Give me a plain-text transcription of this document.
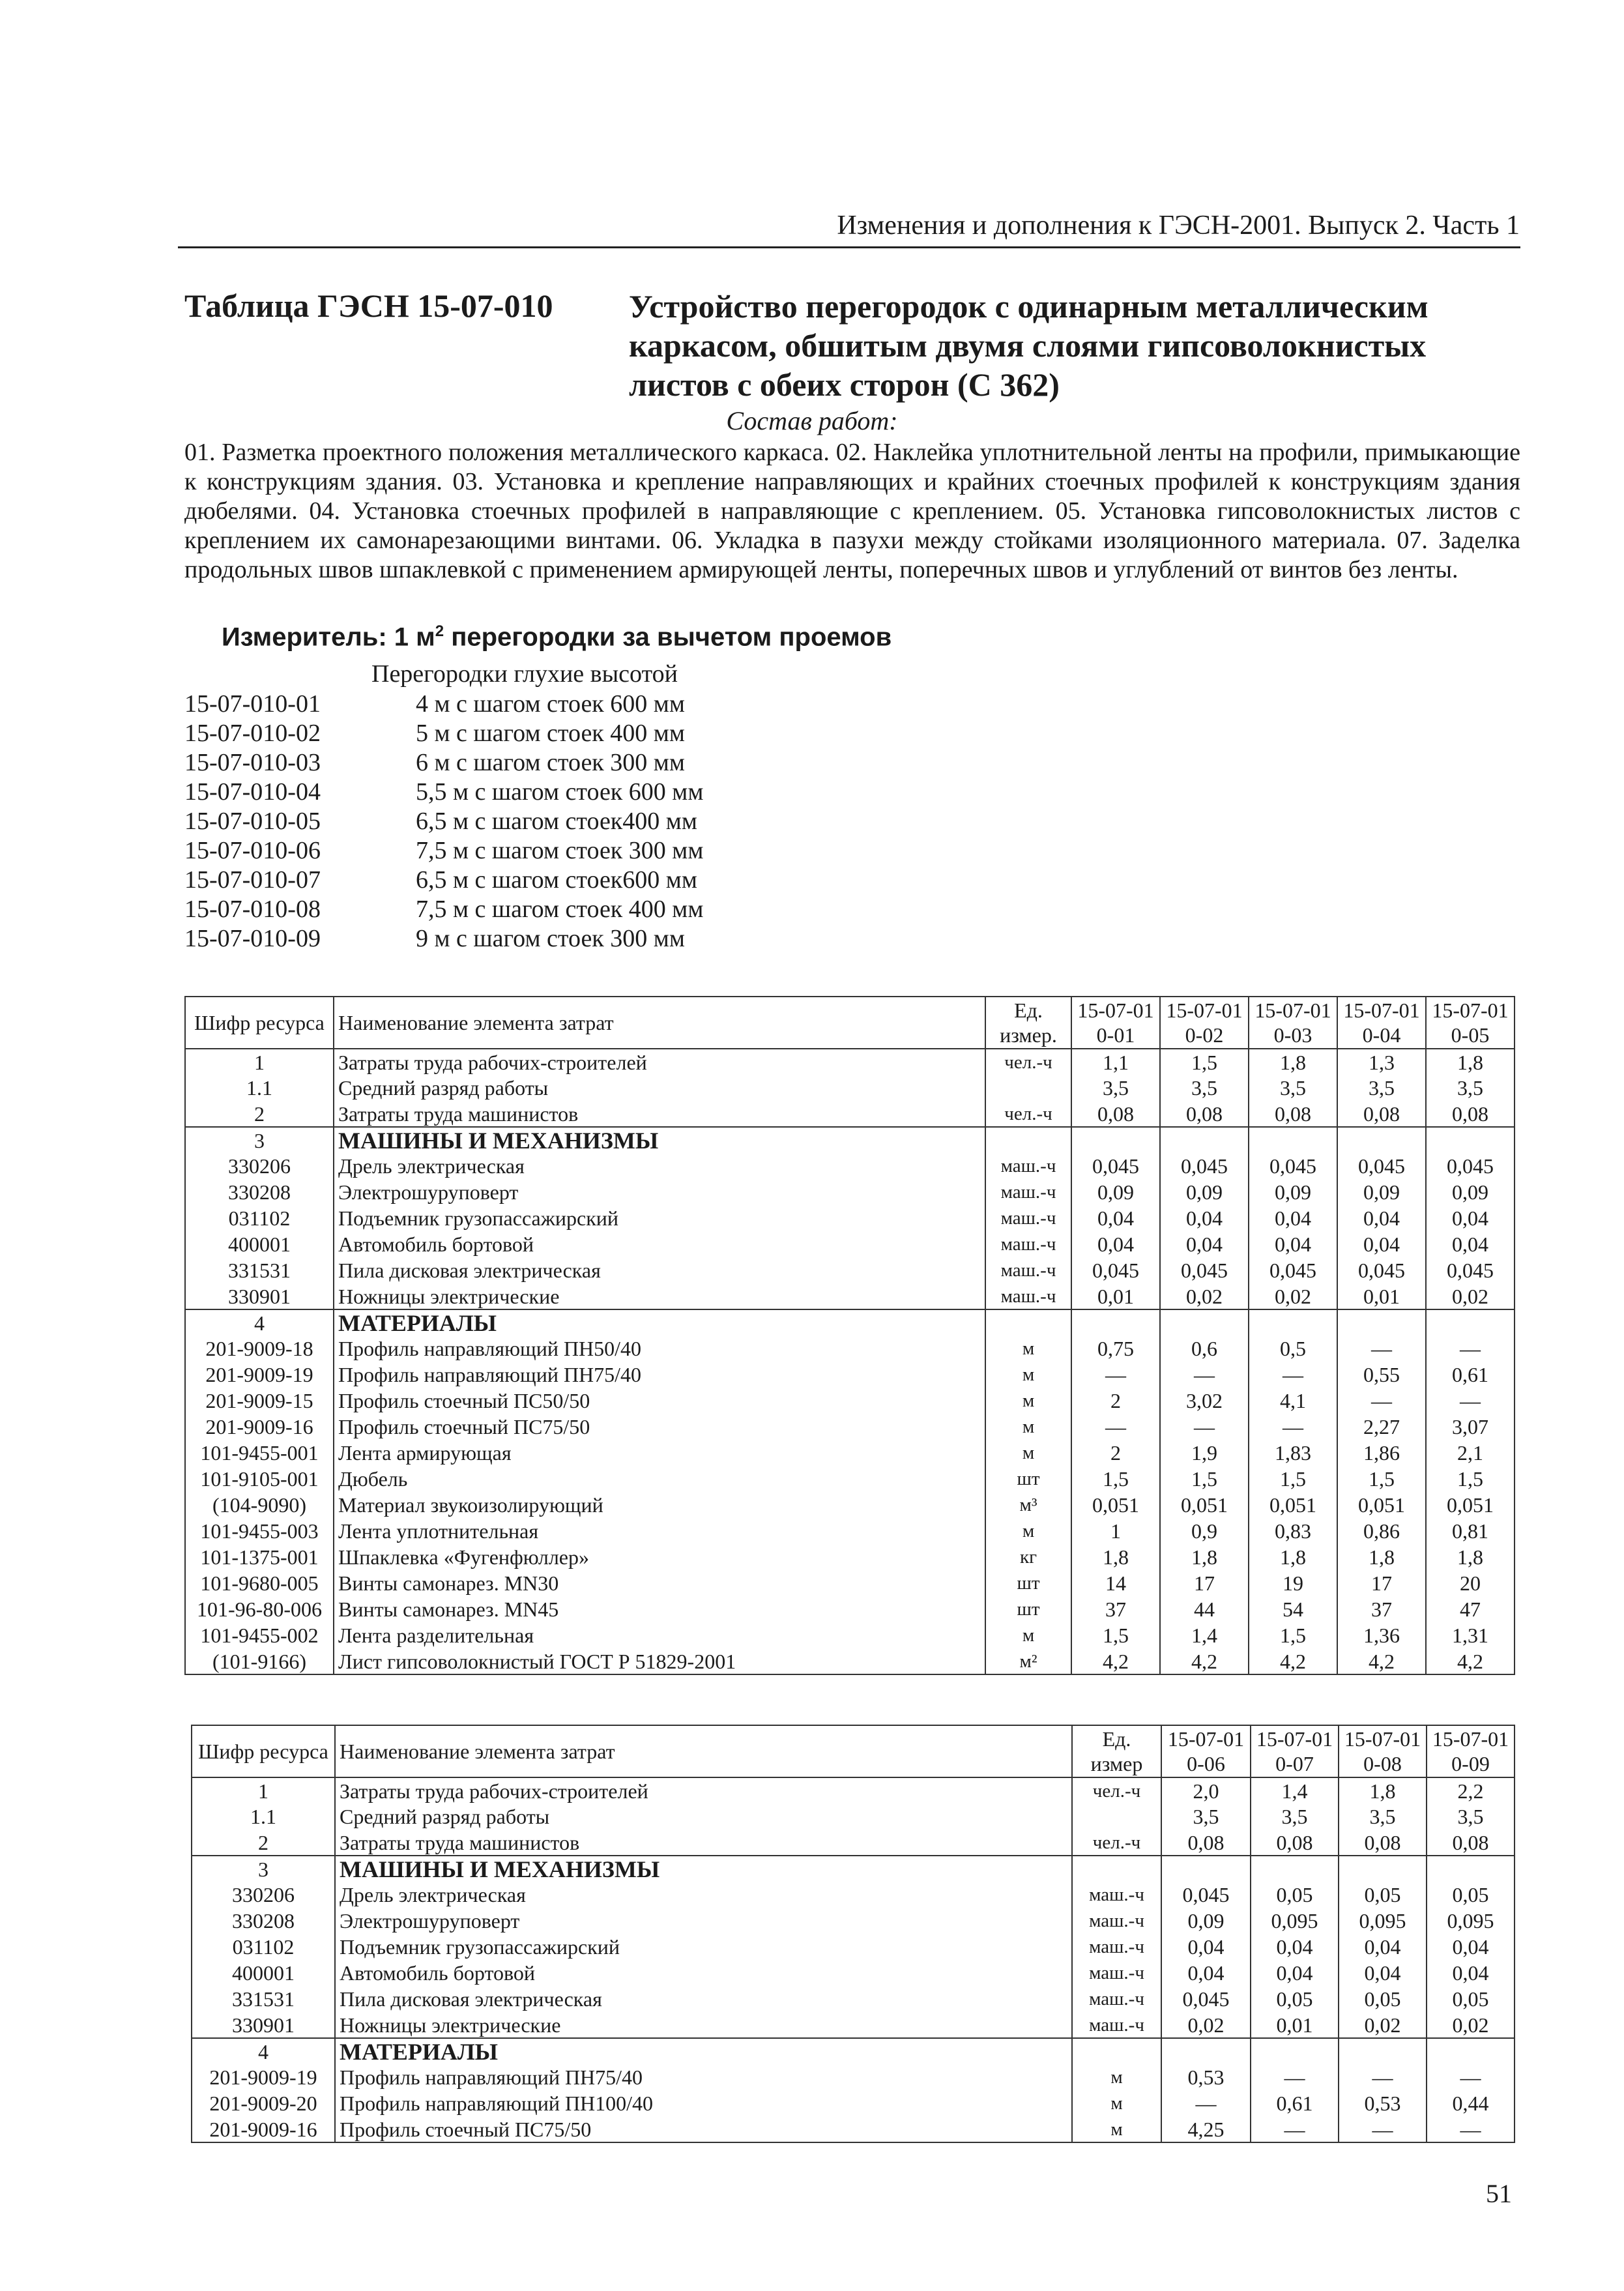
Изменения и дополнения к ГЭСН-2001. Выпуск 2. Часть 1
Таблица ГЭСН 15-07-010 Устройство перегородок с одинарным металлическим каркасом, обшитым двумя слоями гипсоволокнистых листов с обеих сторон (С 362)
Состав работ:
01. Разметка проектного положения металлического каркаса. 02. Наклейка уплотнительной ленты на профили, примыкающие к конструкциям здания. 03. Установка и крепление направляющих и крайних стоечных профилей к конструкциям здания дюбелями. 04. Установка стоечных профилей в направляющие с креплением. 05. Установка гипсоволокнистых листов с креплением их самонарезающими винтами. 06. Укладка в пазухи между стойками изоляционного материала. 07. Заделка продольных швов шпаклевкой с применением армирующей ленты, поперечных швов и углублений от винтов без ленты.
Измеритель: 1 $м^2$ перегородки за вычетом проемов
Перегородки глухие высотой
15-07-010-01	4 м с шагом стоек 600 мм
15-07-010-02	5 м с шагом стоек 400 мм
15-07-010-03	6 м с шагом стоек 300 мм
15-07-010-04	5,5 м с шагом стоек 600 мм
15-07-010-05	6,5 м с шагом стоек400 мм
15-07-010-06	7,5 м с шагом стоек 300 мм
15-07-010-07	6,5 м с шагом стоек600 мм
15-07-010-08	7,5 м с шагом стоек 400 мм
15-07-010-09	9 м с шагом стоек 300 мм
Шифр ресурса	Наименование элемента затрат	Ед. измер.	15-07-010-01	15-07-010-02	15-07-010-03	15-07-010-04	15-07-010-05
1	Затраты труда рабочих-строителей	чел.-ч	1,1	1,5	1,8	1,3	1,8
1.1	Средний разряд работы		3,5	3,5	3,5	3,5	3,5
2	Затраты труда машинистов	чел.-ч	0,08	0,08	0,08	0,08	0,08
3	МАШИНЫ И МЕХАНИЗМЫ						
330206	Дрель электрическая	маш.-ч	0,045	0,045	0,045	0,045	0,045
330208	Электрошуруповерт	маш.-ч	0,09	0,09	0,09	0,09	0,09
031102	Подъемник грузопассажирский	маш.-ч	0,04	0,04	0,04	0,04	0,04
400001	Автомобиль бортовой	маш.-ч	0,04	0,04	0,04	0,04	0,04
331531	Пила дисковая электрическая	маш.-ч	0,045	0,045	0,045	0,045	0,045
330901	Ножницы электрические	маш.-ч	0,01	0,02	0,02	0,01	0,02
4	МАТЕРИАЛЫ						
201-9009-18	Профиль направляющий ПН50/40	м	0,75	0,6	0,5	—	—
201-9009-19	Профиль направляющий ПН75/40	м	—	—	—	0,55	0,61
201-9009-15	Профиль стоечный ПС50/50	м	2	3,02	4,1	—	—
201-9009-16	Профиль стоечный ПС75/50	м	—	—	—	2,27	3,07
101-9455-001	Лента армирующая	м	2	1,9	1,83	1,86	2,1
101-9105-001	Дюбель	шт	1,5	1,5	1,5	1,5	1,5
(104-9090)	Материал звукоизолирующий	м³	0,051	0,051	0,051	0,051	0,051
101-9455-003	Лента уплотнительная	м	1	0,9	0,83	0,86	0,81
101-1375-001	Шпаклевка «Фугенфюллер»	кг	1,8	1,8	1,8	1,8	1,8
101-9680-005	Винты самонарез. MN30	шт	14	17	19	17	20
101-96-80-006	Винты самонарез. MN45	шт	37	44	54	37	47
101-9455-002	Лента разделительная	м	1,5	1,4	1,5	1,36	1,31
(101-9166)	Лист гипсоволокнистый ГОСТ Р 51829-2001	м²	4,2	4,2	4,2	4,2	4,2
Шифр ресурса	Наименование элемента затрат	Ед. измер	15-07-010-06	15-07-010-07	15-07-010-08	15-07-010-09
1	Затраты труда рабочих-строителей	чел.-ч	2,0	1,4	1,8	2,2
1.1	Средний разряд работы		3,5	3,5	3,5	3,5
2	Затраты труда машинистов	чел.-ч	0,08	0,08	0,08	0,08
3	МАШИНЫ И МЕХАНИЗМЫ					
330206	Дрель электрическая	маш.-ч	0,045	0,05	0,05	0,05
330208	Электрошуруповерт	маш.-ч	0,09	0,095	0,095	0,095
031102	Подъемник грузопассажирский	маш.-ч	0,04	0,04	0,04	0,04
400001	Автомобиль бортовой	маш.-ч	0,04	0,04	0,04	0,04
331531	Пила дисковая электрическая	маш.-ч	0,045	0,05	0,05	0,05
330901	Ножницы электрические	маш.-ч	0,02	0,01	0,02	0,02
4	МАТЕРИАЛЫ					
201-9009-19	Профиль направляющий ПН75/40	м	0,53	—	—	—
201-9009-20	Профиль направляющий ПН100/40	м	—	0,61	0,53	0,44
201-9009-16	Профиль стоечный ПС75/50	м	4,25	—	—	—
51
